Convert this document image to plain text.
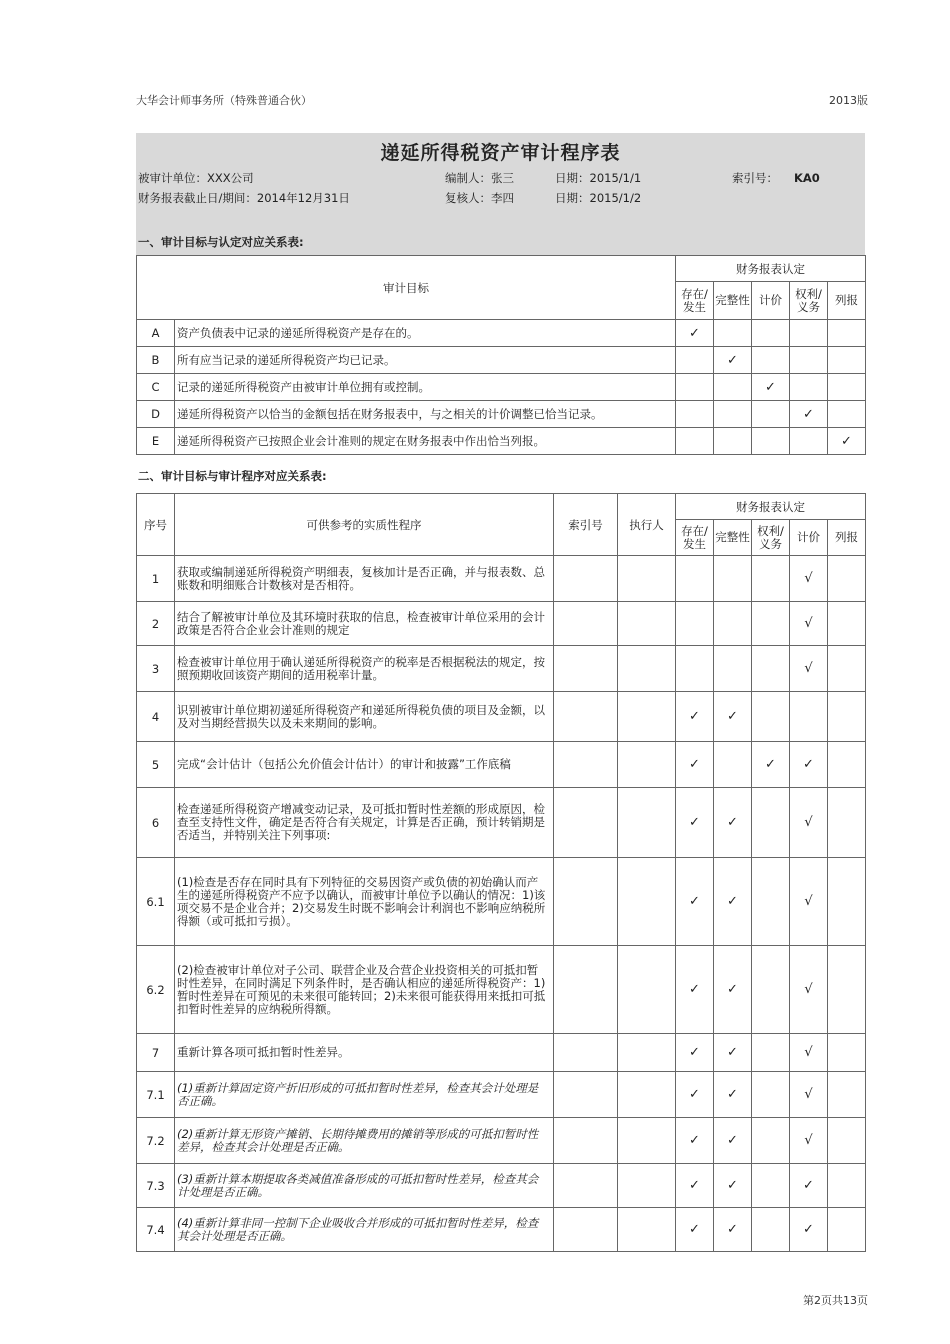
大华会计师事务所（特殊普通合伙）	2013版
递延所得税资产审计程序表
被审计单位：XXX公司
财务报表截止日/期间：2014年12月31日
编制人：张三
复核人：李四
日期：2015/1/1
日期：2015/1/2
索引号： KA0
一、审计目标与认定对应关系表:
审计目标		财务报表认定				
		存在/发生	完整性	计价	权利/义务	列报
A	资产负债表中记录的递延所得税资产是存在的。	✓				
B	所有应当记录的递延所得税资产均已记录。		✓			
C	记录的递延所得税资产由被审计单位拥有或控制。			✓		
D	递延所得税资产以恰当的金额包括在财务报表中，与之相关的计价调整已恰当记录。				✓	
E	递延所得税资产已按照企业会计准则的规定在财务报表中作出恰当列报。					✓
二、审计目标与审计程序对应关系表:
序号	可供参考的实质性程序	索引号	执行人	财务报表认定				
				存在/发生	完整性	权利/义务	计价	列报
1	获取或编制递延所得税资产明细表，复核加计是否正确，并与报表数、总账数和明细账合计数核对是否相符。						√	
2	结合了解被审计单位及其环境时获取的信息，检查被审计单位采用的会计政策是否符合企业会计准则的规定						√	
3	检查被审计单位用于确认递延所得税资产的税率是否根据税法的规定，按照预期收回该资产期间的适用税率计量。						√	
4	识别被审计单位期初递延所得税资产和递延所得税负债的项目及金额，以及对当期经营损失以及未来期间的影响。			✓	✓			
5	完成“会计估计（包括公允价值会计估计）的审计和披露”工作底稿			✓		✓	✓	
6	检查递延所得税资产增减变动记录，及可抵扣暂时性差额的形成原因，检查至支持性文件，确定是否符合有关规定，计算是否正确，预计转销期是否适当，并特别关注下列事项:			✓	✓		√	
6.1	(1)检查是否存在同时具有下列特征的交易因资产或负债的初始确认而产生的递延所得税资产不应予以确认，而被审计单位予以确认的情况：1)该项交易不是企业合并；2)交易发生时既不影响会计利润也不影响应纳税所得额（或可抵扣亏损）。			✓	✓		√	
6.2	(2)检查被审计单位对子公司、联营企业及合营企业投资相关的可抵扣暂时性差异，在同时满足下列条件时，是否确认相应的递延所得税资产：1)暂时性差异在可预见的未来很可能转回；2)未来很可能获得用来抵扣可抵扣暂时性差异的应纳税所得额。			✓	✓		√	
7	重新计算各项可抵扣暂时性差异。			✓	✓		√	
7.1	(1)重新计算固定资产折旧形成的可抵扣暂时性差异，检查其会计处理是否正确。			✓	✓		√	
7.2	(2)重新计算无形资产摊销、长期待摊费用的摊销等形成的可抵扣暂时性差异，检查其会计处理是否正确。			✓	✓		√	
7.3	(3)重新计算本期提取各类减值准备形成的可抵扣暂时性差异，检查其会计处理是否正确。			✓	✓		✓	
7.4	(4)重新计算非同一控制下企业吸收合并形成的可抵扣暂时性差异，检查其会计处理是否正确。			✓	✓		✓	
第2页共13页
